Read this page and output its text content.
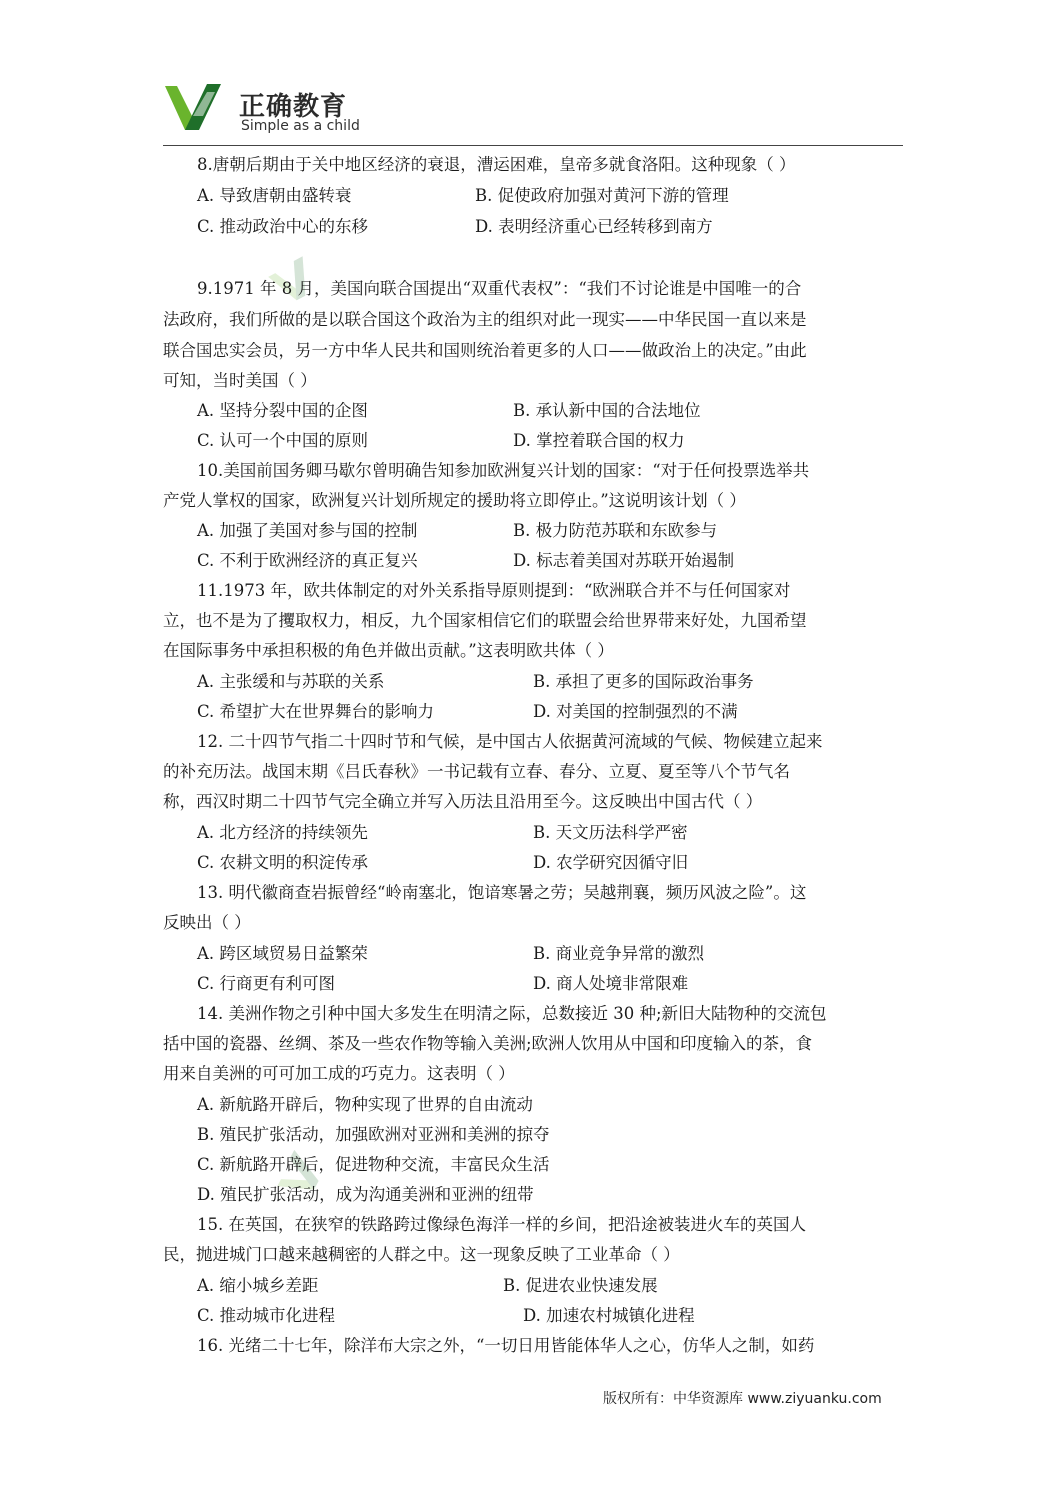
正确教育
Simple as a child
8.唐朝后期由于关中地区经济的衰退，漕运困难，皇帝多就食洛阳。这种现象（ ）
A. 导致唐朝由盛转衰	B. 促使政府加强对黄河下游的管理
C. 推动政治中心的东移	D. 表明经济重心已经转移到南方
9.1971 年 8 月，美国向联合国提出“双重代表权”：“我们不讨论谁是中国唯一的合
法政府，我们所做的是以联合国这个政治为主的组织对此一现实——中华民国一直以来是
联合国忠实会员，另一方中华人民共和国则统治着更多的人口——做政治上的决定。”由此
可知，当时美国（ ）
A. 坚持分裂中国的企图	B. 承认新中国的合法地位
C. 认可一个中国的原则	D. 掌控着联合国的权力
10.美国前国务卿马歇尔曾明确告知参加欧洲复兴计划的国家：“对于任何投票选举共
产党人掌权的国家，欧洲复兴计划所规定的援助将立即停止。”这说明该计划（ ）
A. 加强了美国对参与国的控制	B. 极力防范苏联和东欧参与
C. 不利于欧洲经济的真正复兴	D. 标志着美国对苏联开始遏制
11.1973 年，欧共体制定的对外关系指导原则提到：“欧洲联合并不与任何国家对
立，也不是为了攫取权力，相反，九个国家相信它们的联盟会给世界带来好处，九国希望
在国际事务中承担积极的角色并做出贡献。”这表明欧共体（ ）
A. 主张缓和与苏联的关系	B. 承担了更多的国际政治事务
C. 希望扩大在世界舞台的影响力	D. 对美国的控制强烈的不满
12. 二十四节气指二十四时节和气候，是中国古人依据黄河流域的气候、物候建立起来
的补充历法。战国末期《吕氏春秋》一书记载有立春、春分、立夏、夏至等八个节气名
称，西汉时期二十四节气完全确立并写入历法且沿用至今。这反映出中国古代（ ）
A. 北方经济的持续领先	B. 天文历法科学严密
C. 农耕文明的积淀传承	D. 农学研究因循守旧
13. 明代徽商查岩振曾经“岭南塞北，饱谙寒暑之劳；吴越荆襄，频历风波之险”。这
反映出（ ）
A. 跨区域贸易日益繁荣	B. 商业竞争异常的激烈
C. 行商更有利可图	D. 商人处境非常限难
14. 美洲作物之引种中国大多发生在明清之际，总数接近 30 种;新旧大陆物种的交流包
括中国的瓷器、丝绸、茶及一些农作物等输入美洲;欧洲人饮用从中国和印度输入的茶，食
用来自美洲的可可加工成的巧克力。这表明（ ）
A. 新航路开辟后，物种实现了世界的自由流动
B. 殖民扩张活动，加强欧洲对亚洲和美洲的掠夺
C. 新航路开辟后，促进物种交流，丰富民众生活
D. 殖民扩张活动，成为沟通美洲和亚洲的纽带
15. 在英国，在狭窄的铁路跨过像绿色海洋一样的乡间，把沿途被装进火车的英国人
民，抛进城门口越来越稠密的人群之中。这一现象反映了工业革命（ ）
A. 缩小城乡差距	B. 促进农业快速发展
C. 推动城市化进程	D. 加速农村城镇化进程
16. 光绪二十七年，除洋布大宗之外，“一切日用皆能体华人之心，仿华人之制，如药
版权所有：中华资源库 www.ziyuanku.com
